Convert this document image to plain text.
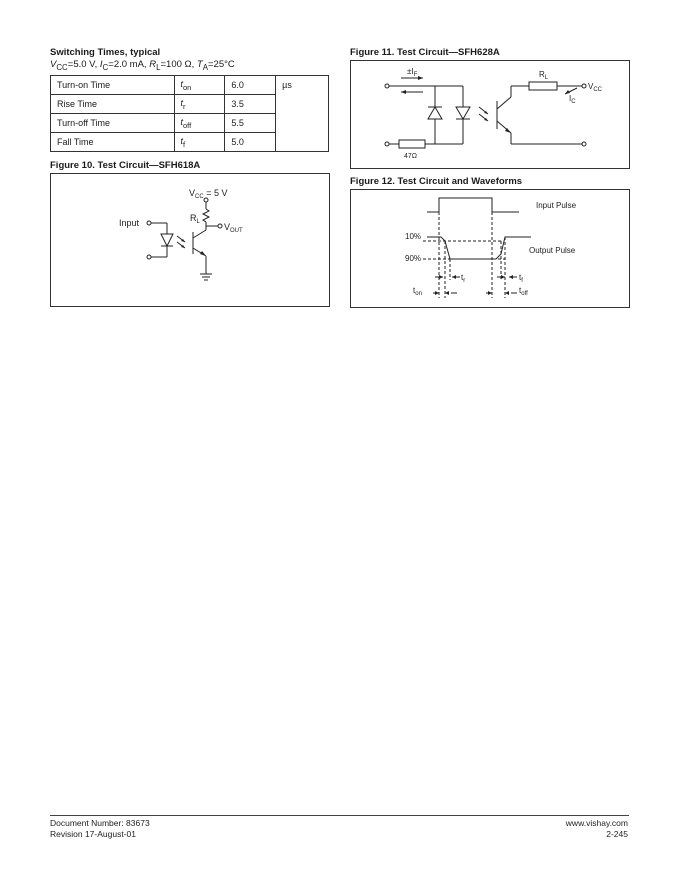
Switching Times, typical
$V_{CC}=5.0$ V, $I_C=2.0$ mA, $R_L=100$ Ω, $T_A=25^\circ C$
Turn-on Time	$t_{on}$	6.0	µs
Rise Time	$t_r$	3.5	
Turn-off Time	$t_{off}$	5.5	
Fall Time	$t_f$	5.0	
Figure 10. Test Circuit—SFH618A
$V_{CC} = 5$ V
Input	$R_L$	$V_{OUT}$
Figure 11. Test Circuit—SFH628A
$\pm I_F$	$R_L$
$V_{CC}$
$I_C$
47Ω
Figure 12. Test Circuit and Waveforms
Input Pulse
Output Pulse
10%
90%
$t_r$	$t_f$
$t_{on}$	$t_{off}$
Document Number: 83673
Revision 17-August-01
www.vishay.com
2-245
